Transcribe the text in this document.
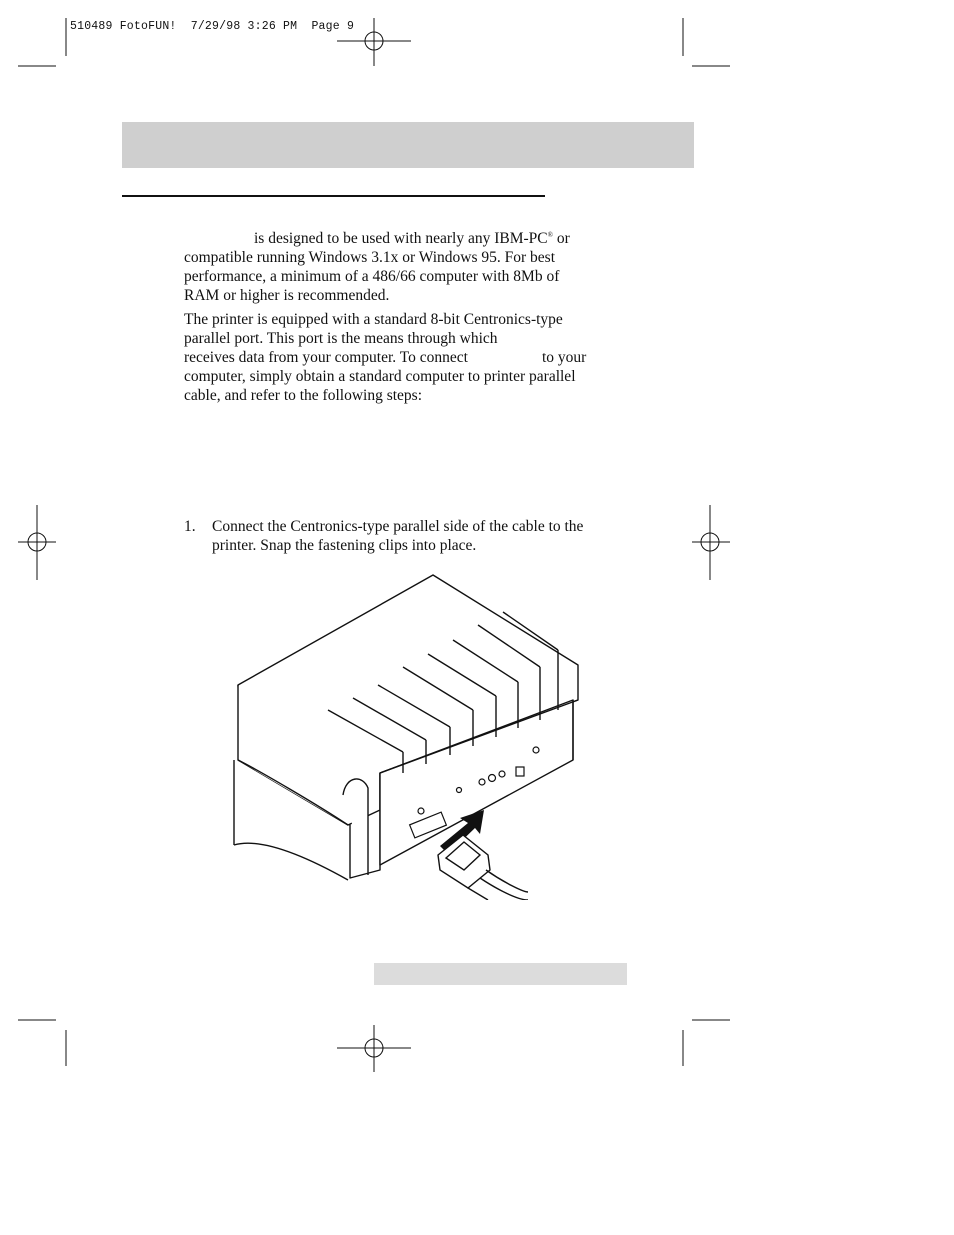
510489 FotoFUN!  7/29/98 3:26 PM  Page 9
is designed to be used with nearly any IBM-PC® or
compatible running Windows 3.1x or Windows 95. For best
performance, a minimum of a 486/66 computer with 8Mb of
RAM or higher is recommended.
The printer is equipped with a standard 8-bit Centronics-type
parallel port. This port is the means through which
receives data from your computer. To connect	to your
computer, simply obtain a standard computer to printer parallel
cable, and refer to the following steps:
1. Connect the Centronics-type parallel side of the cable to the
printer. Snap the fastening clips into place.
